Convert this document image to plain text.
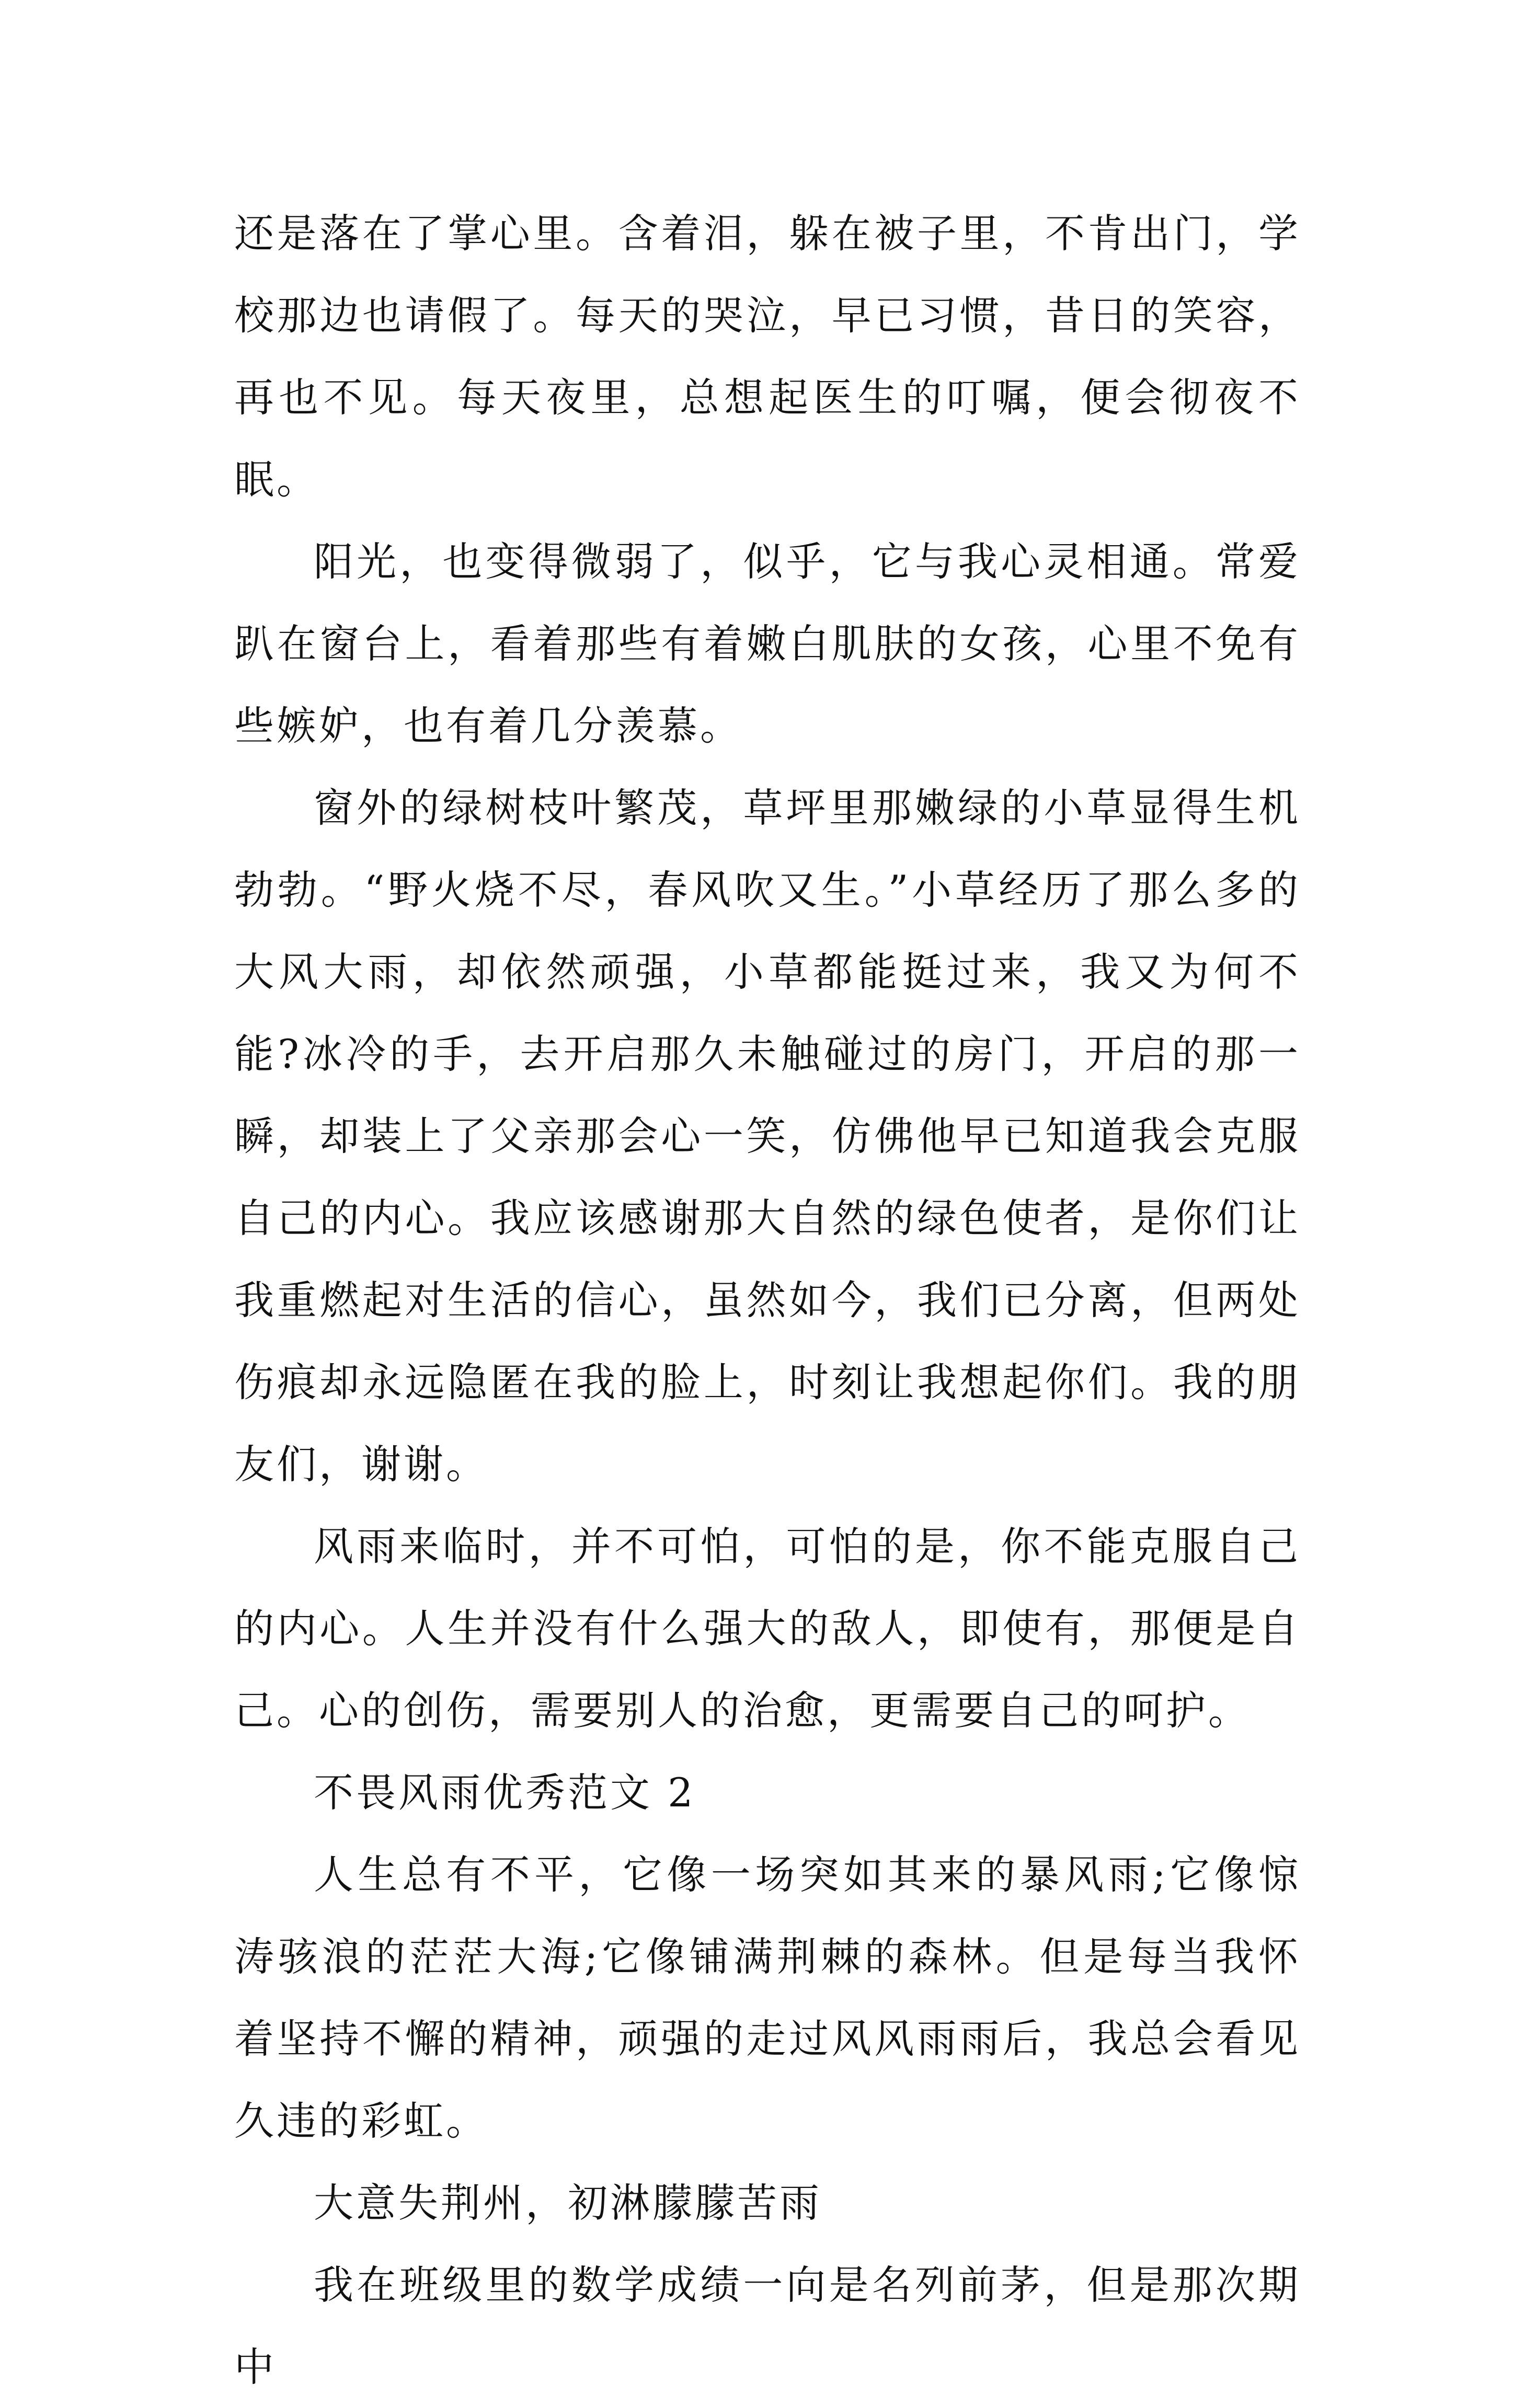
还是落在了掌心里。含着泪，躲在被子里，不肯出门，学校那边也请假了。每天的哭泣，早已习惯，昔日的笑容，再也不见。每天夜里，总想起医生的叮嘱，便会彻夜不眠。

阳光，也变得微弱了，似乎，它与我心灵相通。常爱趴在窗台上，看着那些有着嫩白肌肤的女孩，心里不免有些嫉妒，也有着几分羡慕。

窗外的绿树枝叶繁茂，草坪里那嫩绿的小草显得生机勃勃。“野火烧不尽，春风吹又生。”小草经历了那么多的大风大雨，却依然顽强，小草都能挺过来，我又为何不能?冰冷的手，去开启那久未触碰过的房门，开启的那一瞬，却装上了父亲那会心一笑，仿佛他早已知道我会克服自己的内心。我应该感谢那大自然的绿色使者，是你们让我重燃起对生活的信心，虽然如今，我们已分离，但两处伤痕却永远隐匿在我的脸上，时刻让我想起你们。我的朋友们，谢谢。

风雨来临时，并不可怕，可怕的是，你不能克服自己的内心。人生并没有什么强大的敌人，即使有，那便是自己。心的创伤，需要别人的治愈，更需要自己的呵护。

不畏风雨优秀范文 2

人生总有不平，它像一场突如其来的暴风雨;它像惊涛骇浪的茫茫大海;它像铺满荆棘的森林。但是每当我怀着坚持不懈的精神，顽强的走过风风雨雨后，我总会看见久违的彩虹。

大意失荆州，初淋朦朦苦雨

我在班级里的数学成绩一向是名列前茅，但是那次期中
